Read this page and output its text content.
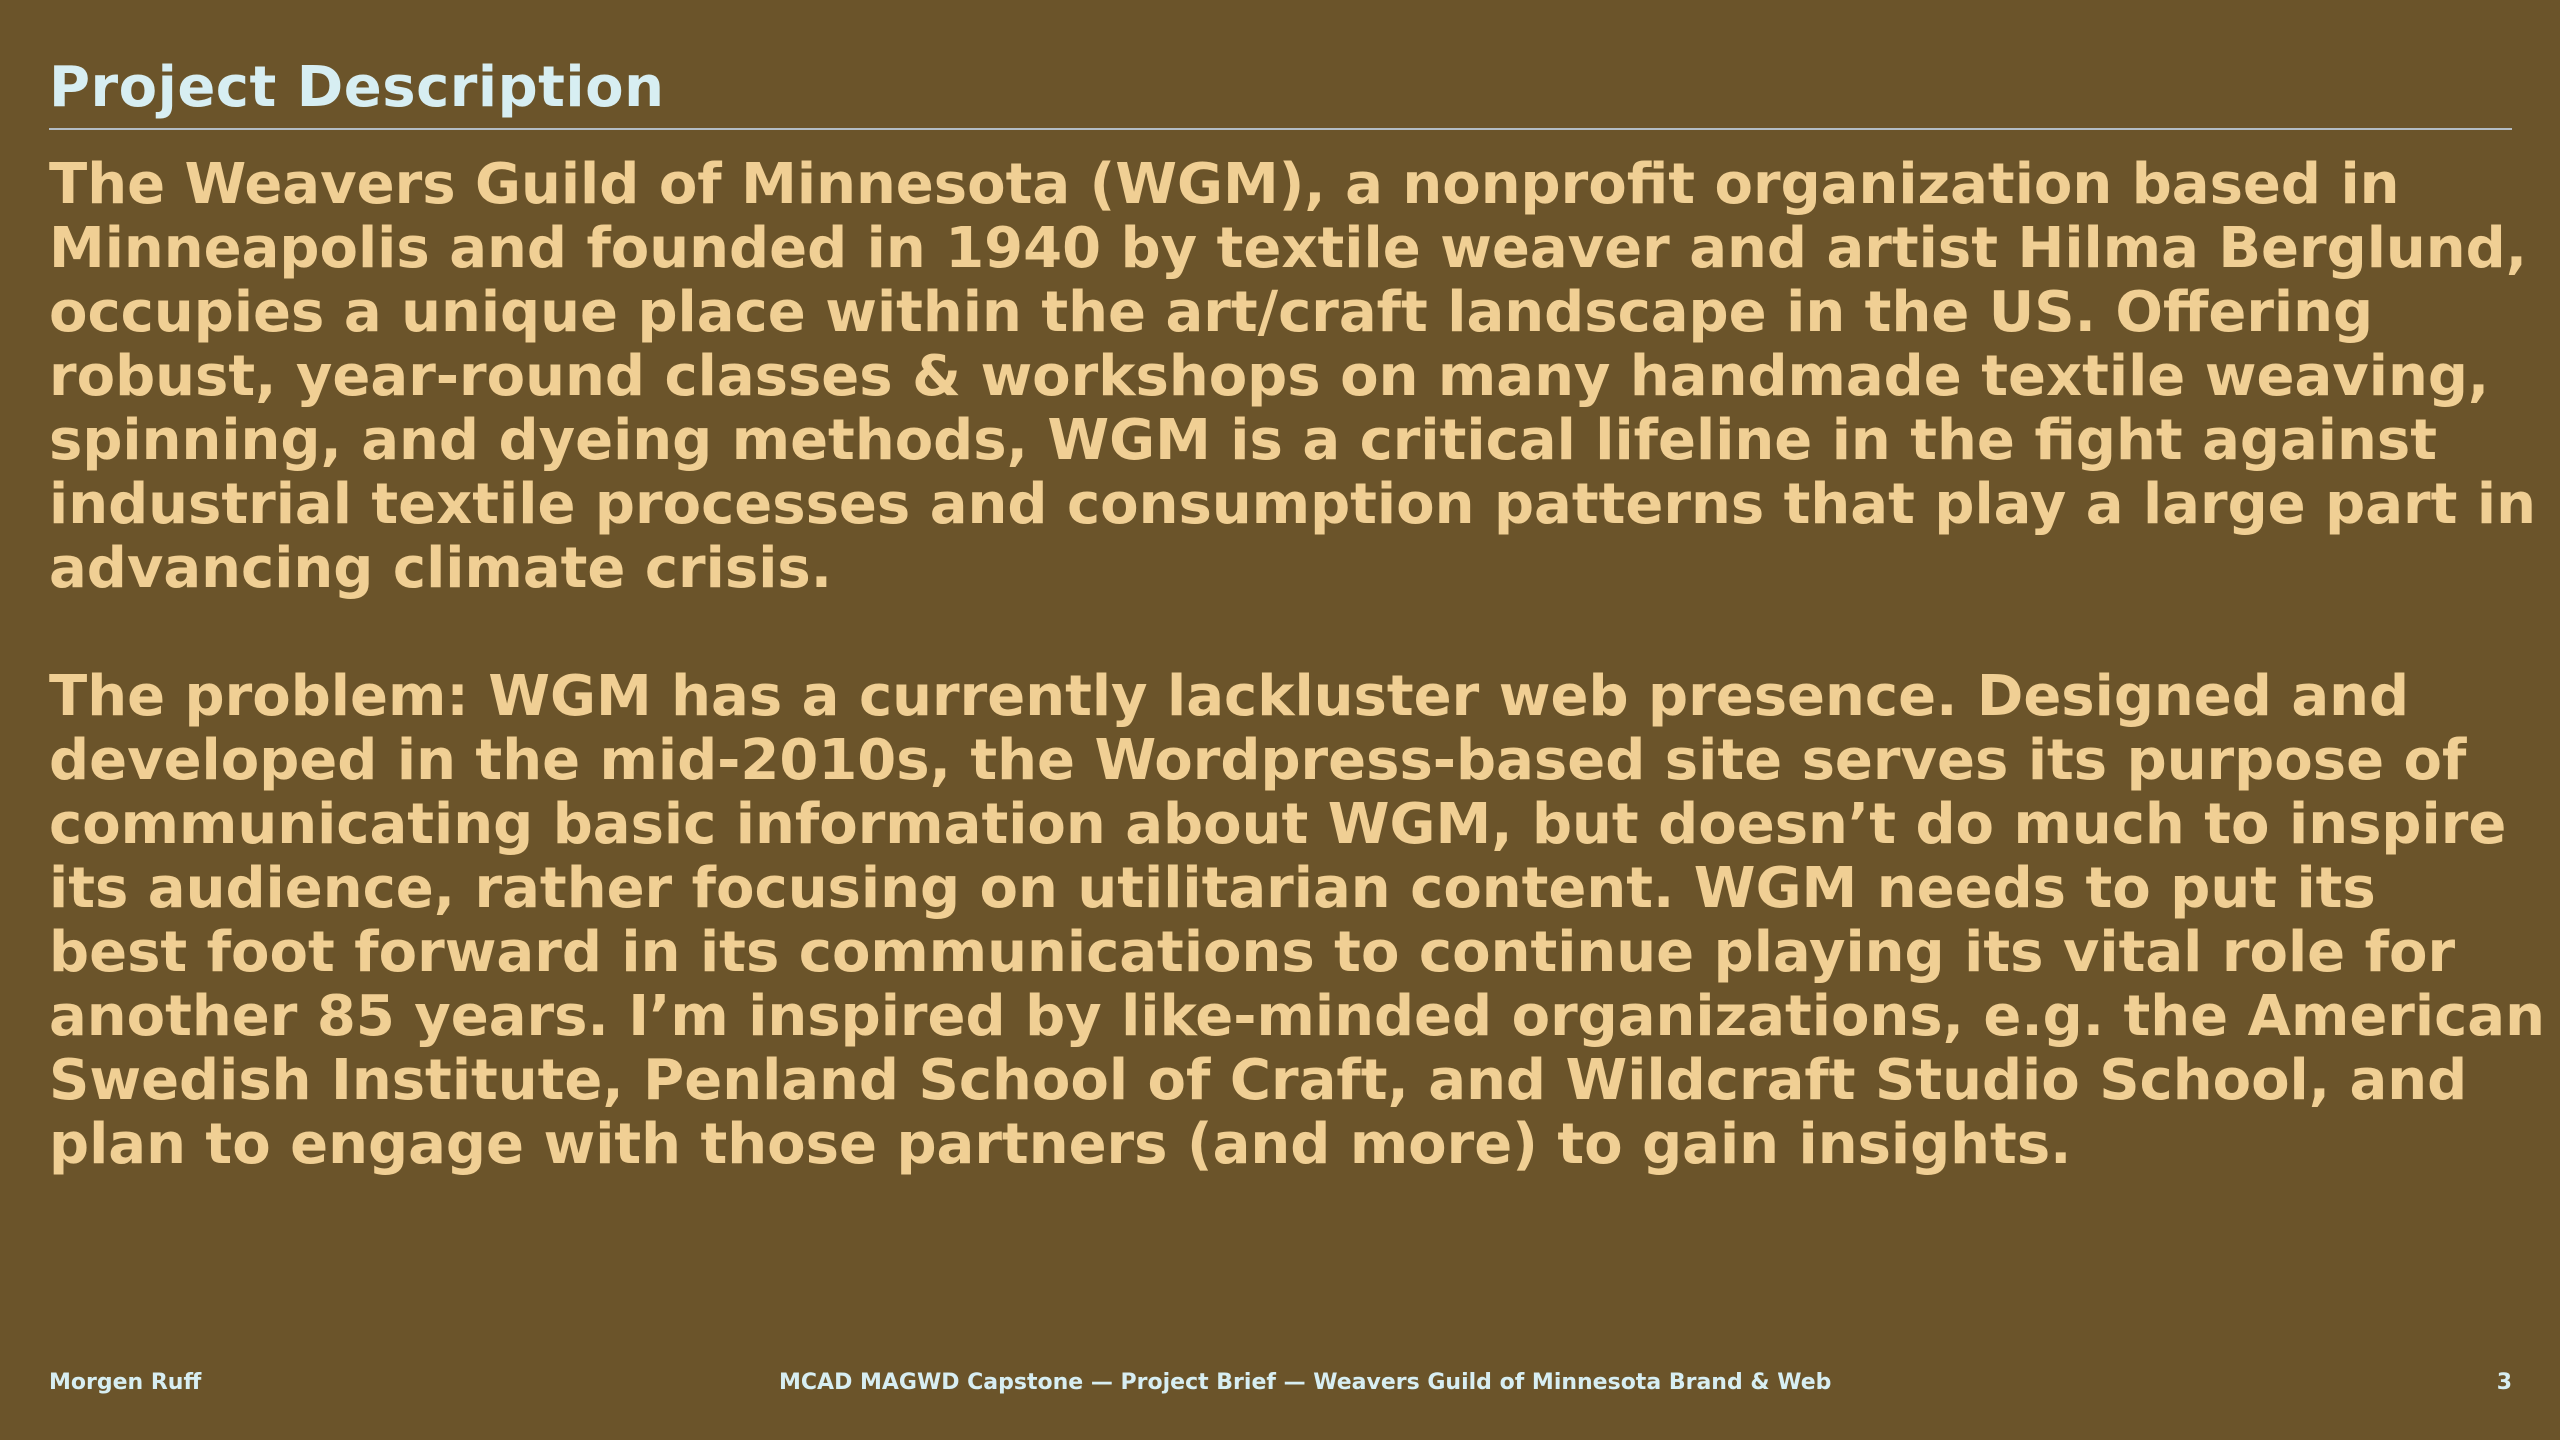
Project Description

The Weavers Guild of Minnesota (WGM), a nonprofit organization based in
Minneapolis and founded in 1940 by textile weaver and artist Hilma Berglund,
occupies a unique place within the art/craft landscape in the US. Offering
robust, year-round classes & workshops on many handmade textile weaving,
spinning, and dyeing methods, WGM is a critical lifeline in the fight against
industrial textile processes and consumption patterns that play a large part in
advancing climate crisis.

The problem: WGM has a currently lackluster web presence. Designed and
developed in the mid-2010s, the Wordpress-based site serves its purpose of
communicating basic information about WGM, but doesn’t do much to inspire
its audience, rather focusing on utilitarian content. WGM needs to put its
best foot forward in its communications to continue playing its vital role for
another 85 years. I’m inspired by like-minded organizations, e.g. the American
Swedish Institute, Penland School of Craft, and Wildcraft Studio School, and
plan to engage with those partners (and more) to gain insights.

Morgen Ruff	MCAD MAGWD Capstone — Project Brief — Weavers Guild of Minnesota Brand & Web	3
